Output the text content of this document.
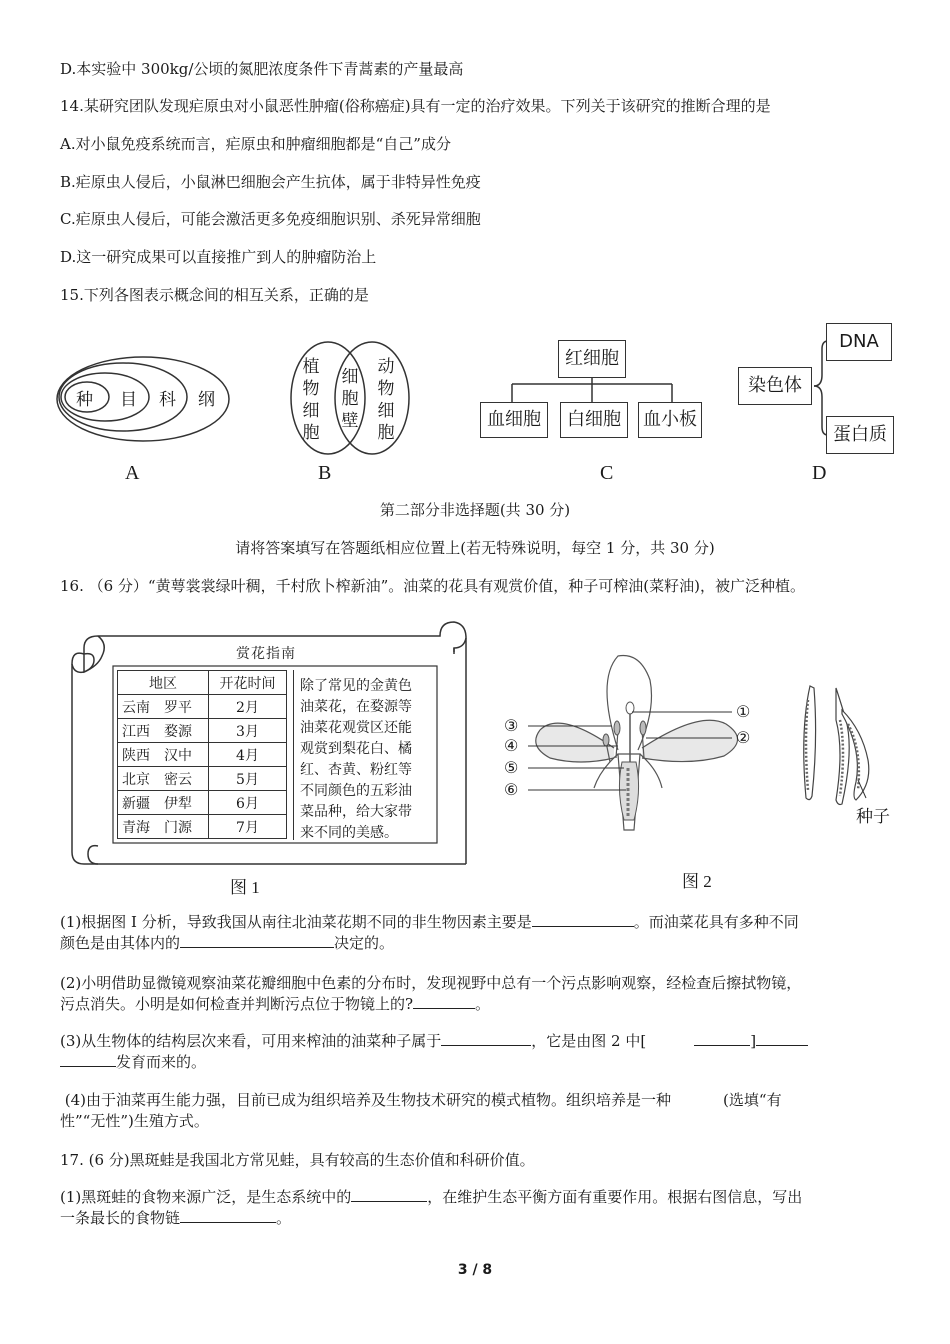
D.本实验中 300kg/公顷的氮肥浓度条件下青蒿素的产量最高
14.某研究团队发现疟原虫对小鼠恶性肿瘤(俗称癌症)具有一定的治疗效果。下列关于该研究的推断合理的是
A.对小鼠免疫系统而言，疟原虫和肿瘤细胞都是“自己”成分
B.疟原虫人侵后，小鼠淋巴细胞会产生抗体，属于非特异性免疫
C.疟原虫人侵后，可能会激活更多免疫细胞识别、杀死异常细胞
D.这一研究成果可以直接推广到人的肿瘤防治上
15.下列各图表示概念间的相互关系，正确的是
种 目 科 纲
A
植
物
细
胞
细
胞
壁
动
物
细
胞
B
红细胞
血细胞	白细胞	血小板
C
染色体
DNA
蛋白质
D
第二部分非选择题(共 30 分)
请将答案填写在答题纸相应位置上(若无特殊说明，每空 1 分，共 30 分)
16. （6 分）“黄萼裳裳绿叶稠，千村欣卜榨新油”。油菜的花具有观赏价值，种子可榨油(菜籽油)，被广泛种植。
赏花指南
地区	开花时间
云南　罗平	2月
江西　婺源	3月
陕西　汉中	4月
北京　密云	5月
新疆　伊犁	6月
青海　门源	7月
除了常见的金黄色
油菜花，在婺源等
油菜花观赏区还能
观赏到梨花白、橘
红、杏黄、粉红等
不同颜色的五彩油
菜品种，给大家带
来不同的美感。
图 1
①
②
③
④
⑤
⑥
图 2
种子
(1)根据图 I 分析，导致我国从南往北油菜花期不同的非生物因素主要是	。而油菜花具有多种不同
颜色是由其体内的	决定的。
(2)小明借助显微镜观察油菜花瓣细胞中色素的分布时，发现视野中总有一个污点影响观察，经检查后擦拭物镜，
污点消失。小明是如何检查并判断污点位于物镜上的?	。
(3)从生物体的结构层次来看，可用来榨油的油菜种子属于	，它是由图 2 中[	]
发育而来的。
(4)由于油菜再生能力强，目前已成为组织培养及生物技术研究的模式植物。组织培养是一种	(选填“有
性”“无性”)生殖方式。
17. (6 分)黑斑蛙是我国北方常见蛙，具有较高的生态价值和科研价值。
(1)黑斑蛙的食物来源广泛，是生态系统中的	，在维护生态平衡方面有重要作用。根据右图信息，写出
一条最长的食物链	。
3 / 8
